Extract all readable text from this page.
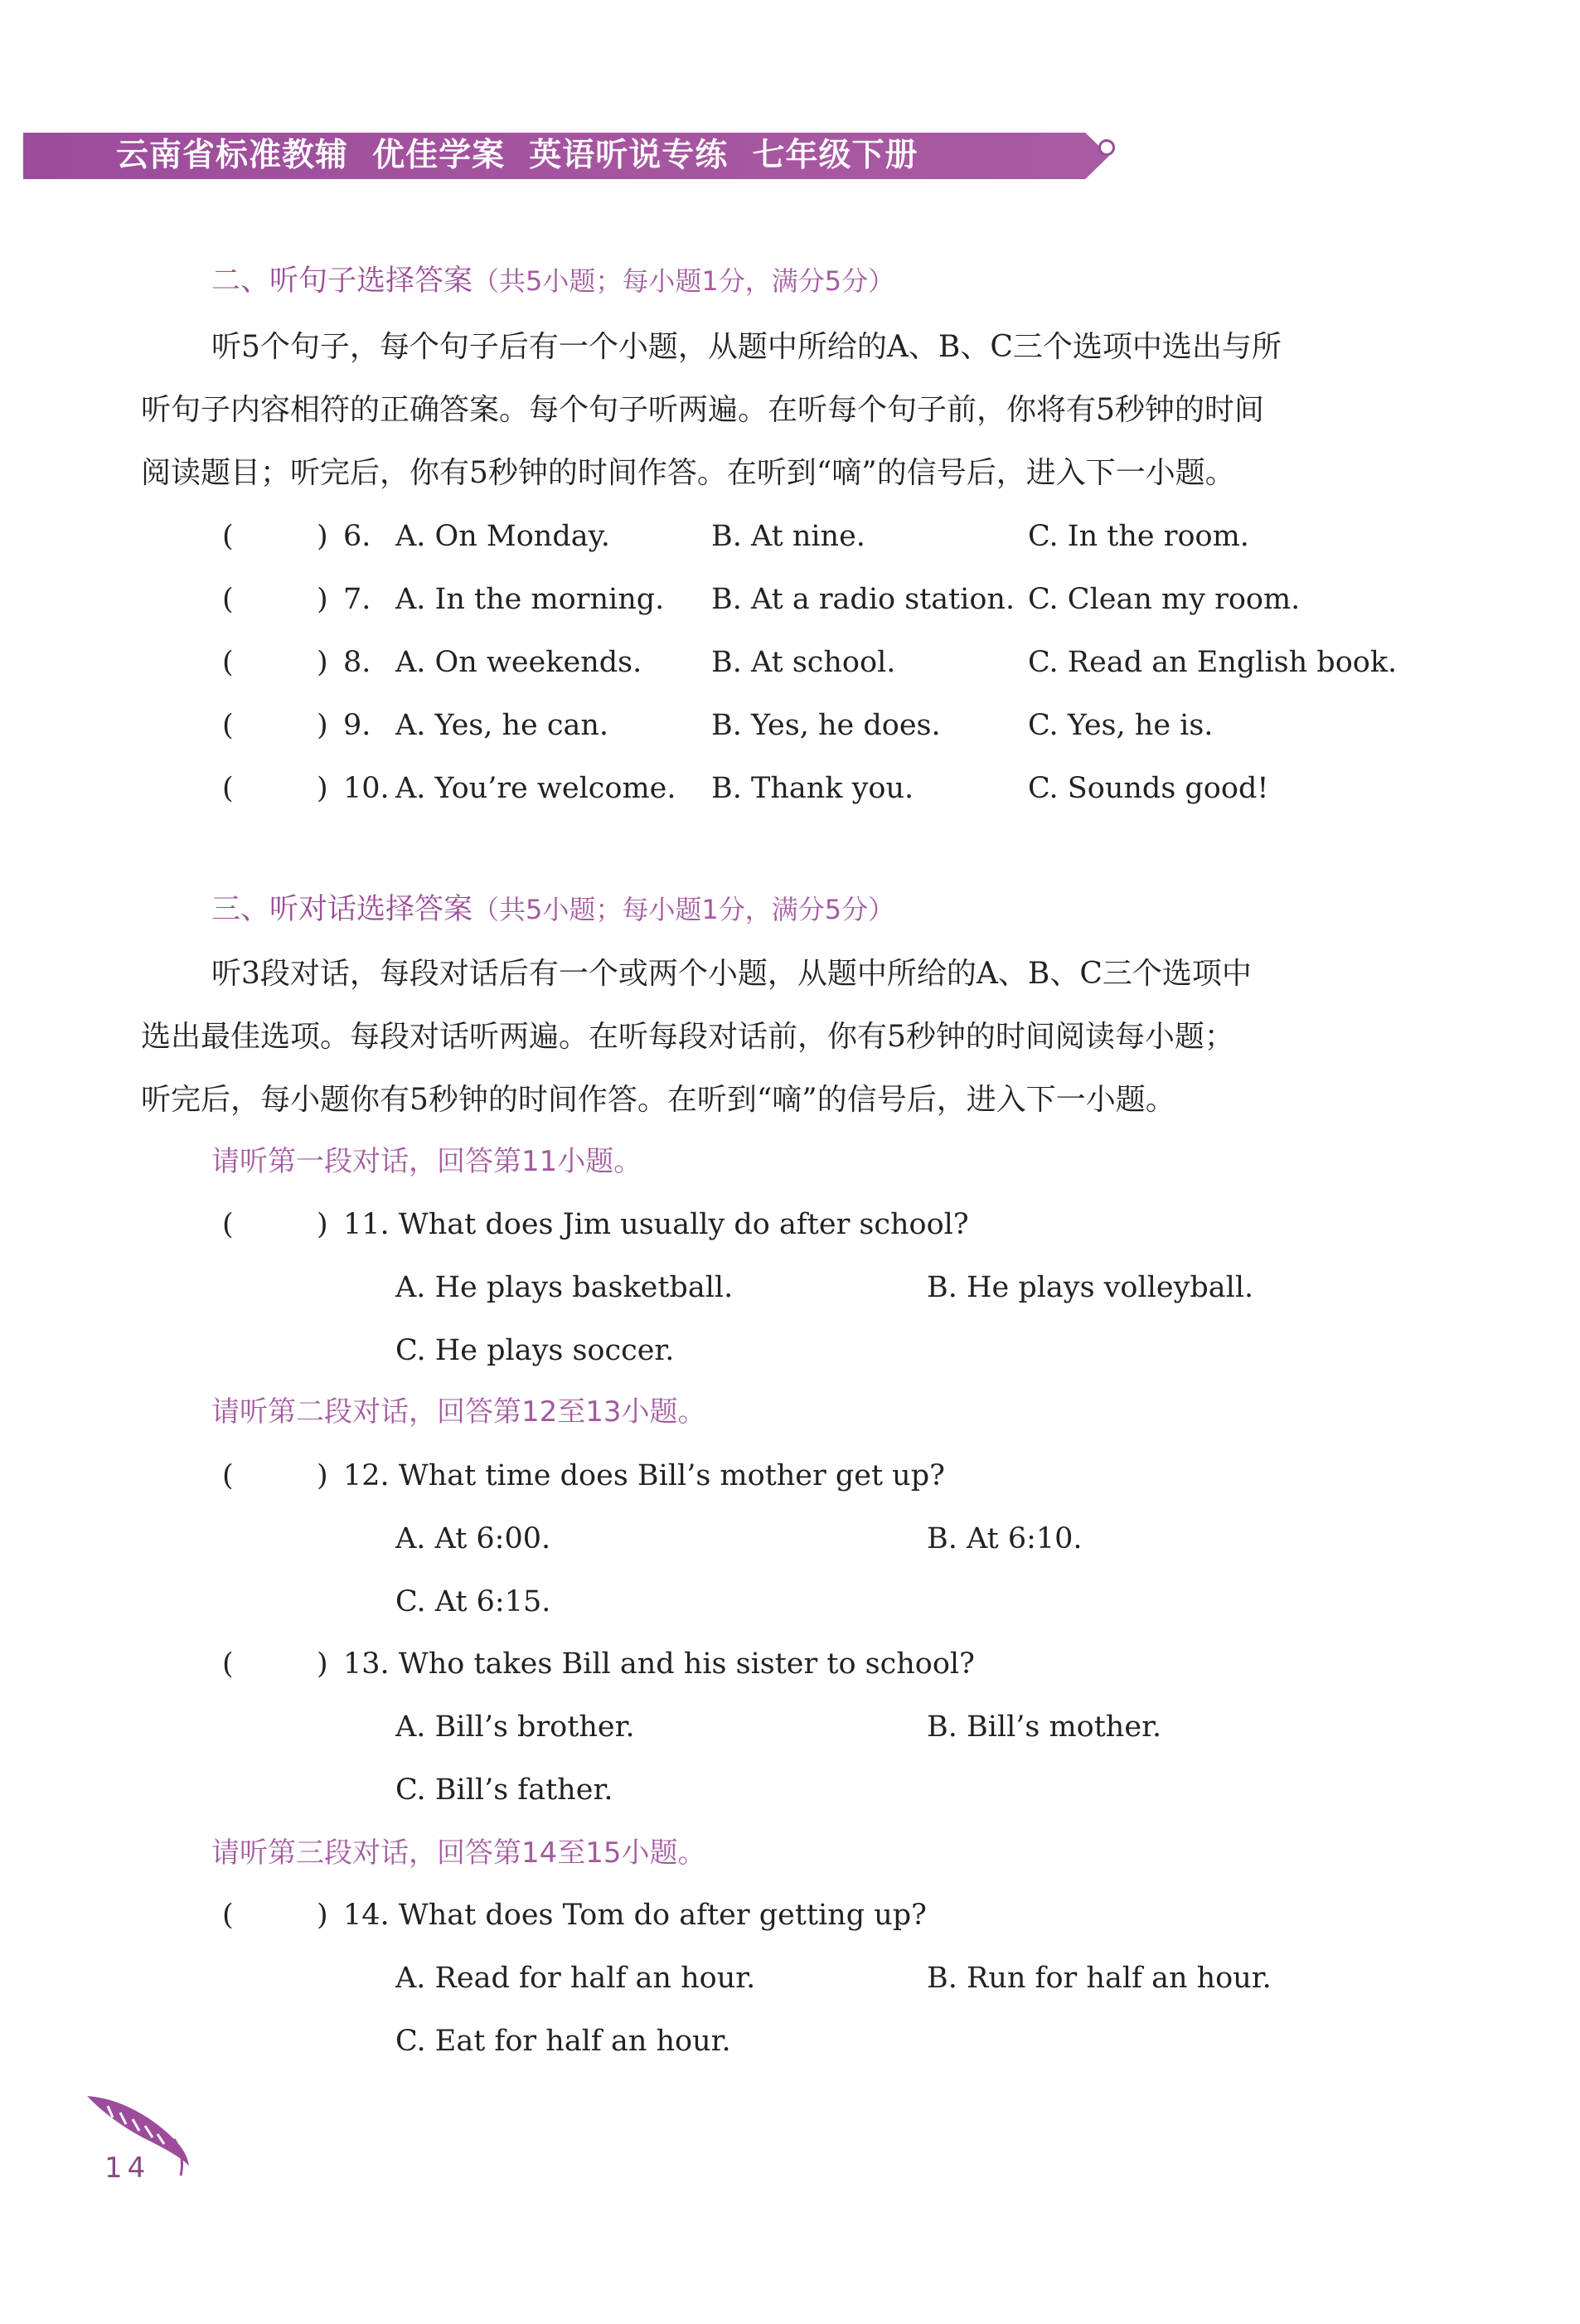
云南省标准教辅  优佳学案  英语听说专练  七年级下册
二、听句子选择答案（共5小题；每小题1分，满分5分）
听5个句子，每个句子后有一个小题，从题中所给的A、B、C三个选项中选出与所
听句子内容相符的正确答案。每个句子听两遍。在听每个句子前，你将有5秒钟的时间
阅读题目；听完后，你有5秒钟的时间作答。在听到“嘀”的信号后，进入下一小题。
(	) 6. A. On Monday.	B. At nine.	C. In the room.
(	) 7. A. In the morning. B. At a radio station. C. Clean my room.
(	) 8. A. On weekends. B. At school.	C. Read an English book.
(	) 9. A. Yes, he can.	B. Yes, he does.	C. Yes, he is.
(	) 10. A. You’re welcome. B. Thank you.	C. Sounds good!
三、听对话选择答案（共5小题；每小题1分，满分5分）
听3段对话，每段对话后有一个或两个小题，从题中所给的A、B、C三个选项中
选出最佳选项。每段对话听两遍。在听每段对话前，你有5秒钟的时间阅读每小题；
听完后，每小题你有5秒钟的时间作答。在听到“嘀”的信号后，进入下一小题。
请听第一段对话，回答第11小题。
(	) 11. What does Jim usually do after school?
A. He plays basketball.	B. He plays volleyball.
C. He plays soccer.
请听第二段对话，回答第12至13小题。
(	) 12. What time does Bill’s mother get up?
A. At 6:00.	B. At 6:10.
C. At 6:15.
(	) 13. Who takes Bill and his sister to school?
A. Bill’s brother.	B. Bill’s mother.
C. Bill’s father.
请听第三段对话，回答第14至15小题。
(	) 14. What does Tom do after getting up?
A. Read for half an hour.	B. Run for half an hour.
C. Eat for half an hour.
14
